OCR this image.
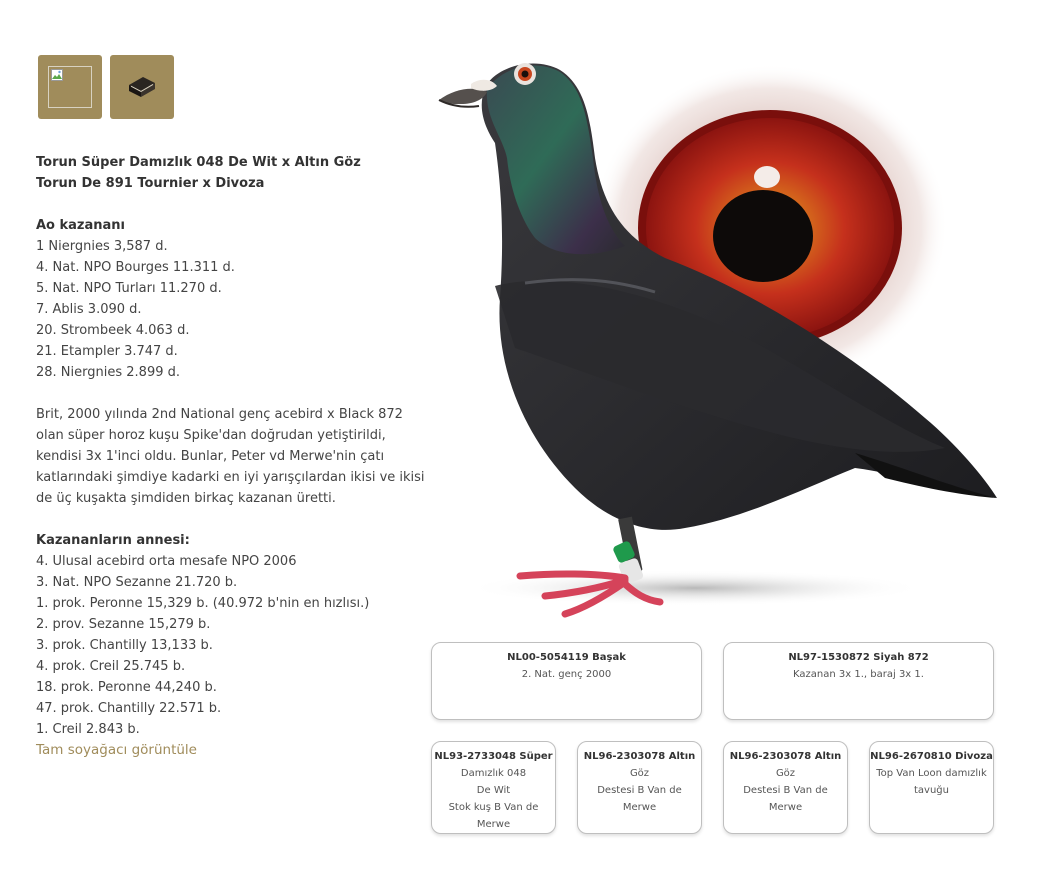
Torun Süper Damızlık 048 De Wit x Altın Göz
Torun De 891 Tournier x Divoza
Ao kazananı
1 Niergnies 3,587 d.
4. Nat. NPO Bourges 11.311 d.
5. Nat. NPO Turları 11.270 d.
7. Ablis 3.090 d.
20. Strombeek 4.063 d.
21. Etampler 3.747 d.
28. Niergnies 2.899 d.
Brit, 2000 yılında 2nd National genç acebird x Black 872
olan süper horoz kuşu Spike'dan doğrudan yetiştirildi,
kendisi 3x 1'inci oldu. Bunlar, Peter vd Merwe'nin çatı
katlarındaki şimdiye kadarki en iyi yarışçılardan ikisi ve ikisi
de üç kuşakta şimdiden birkaç kazanan üretti.
Kazananların annesi:
4. Ulusal acebird orta mesafe NPO 2006
3. Nat. NPO Sezanne 21.720 b.
1. prok. Peronne 15,329 b. (40.972 b'nin en hızlısı.)
2. prov. Sezanne 15,279 b.
3. prok. Chantilly 13,133 b.
4. prok. Creil 25.745 b.
18. prok. Peronne 44,240 b.
47. prok. Chantilly 22.571 b.
1. Creil 2.843 b.
Tam soyağacı görüntüle
NL00-5054119 Başak
2. Nat. genç 2000
NL97-1530872 Siyah 872
Kazanan 3x 1., baraj 3x 1.
NL93-2733048 Süper
Damızlık 048
De Wit
Stok kuş B Van de
Merwe
NL96-2303078 Altın
Göz
Destesi B Van de
Merwe
NL96-2303078 Altın
Göz
Destesi B Van de
Merwe
NL96-2670810 Divoza
Top Van Loon damızlık
tavuğu
